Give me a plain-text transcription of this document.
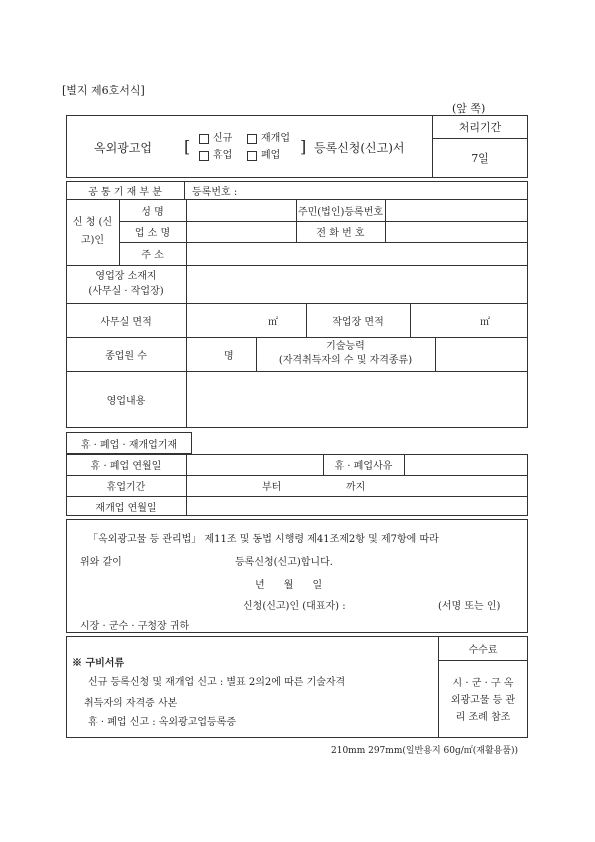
[별지 제6호서식]
(앞 쪽)
처리기간
7일
옥외광고업 [	신규	재개업
휴업	폐업	] 등록신청(신고)서
공 통 기 재 부 분	등록번호 :
신 청 (신 고)인
성 명	주민(법인)등록번호
업 소 명	전 화 번 호
주 소
영업장 소재지
(사무실 · 작업장)
사무실 면적	㎡	작업장 면적	㎡
종업원 수	명
기술능력
(자격취득자의 수 및 자격종류)
영업내용
휴 · 폐업 · 재개업기재
휴 · 폐업 연월일	휴 · 폐업사유
휴업기간	부터	까지
재개업 연월일
「옥외광고물 등 관리법」 제11조 및 동법 시행령 제41조제2항 및 제7항에 따라
위와 같이	등록신청(신고)합니다.
년      월      일
신청(신고)인 (대표자) :	(서명 또는 인)
시장 · 군수 · 구청장 귀하
※ 구비서류
신규 등록신청 및 재개업 신고 : 별표 2의2에 따른 기술자격
취득자의 자격증 사본
휴 · 폐업 신고 : 옥외광고업등록증
수수료
시 · 군 · 구 옥
외광고물 등 관
리 조례 참조
210mm 297mm(일반용지 60g/㎡(재활용품))
